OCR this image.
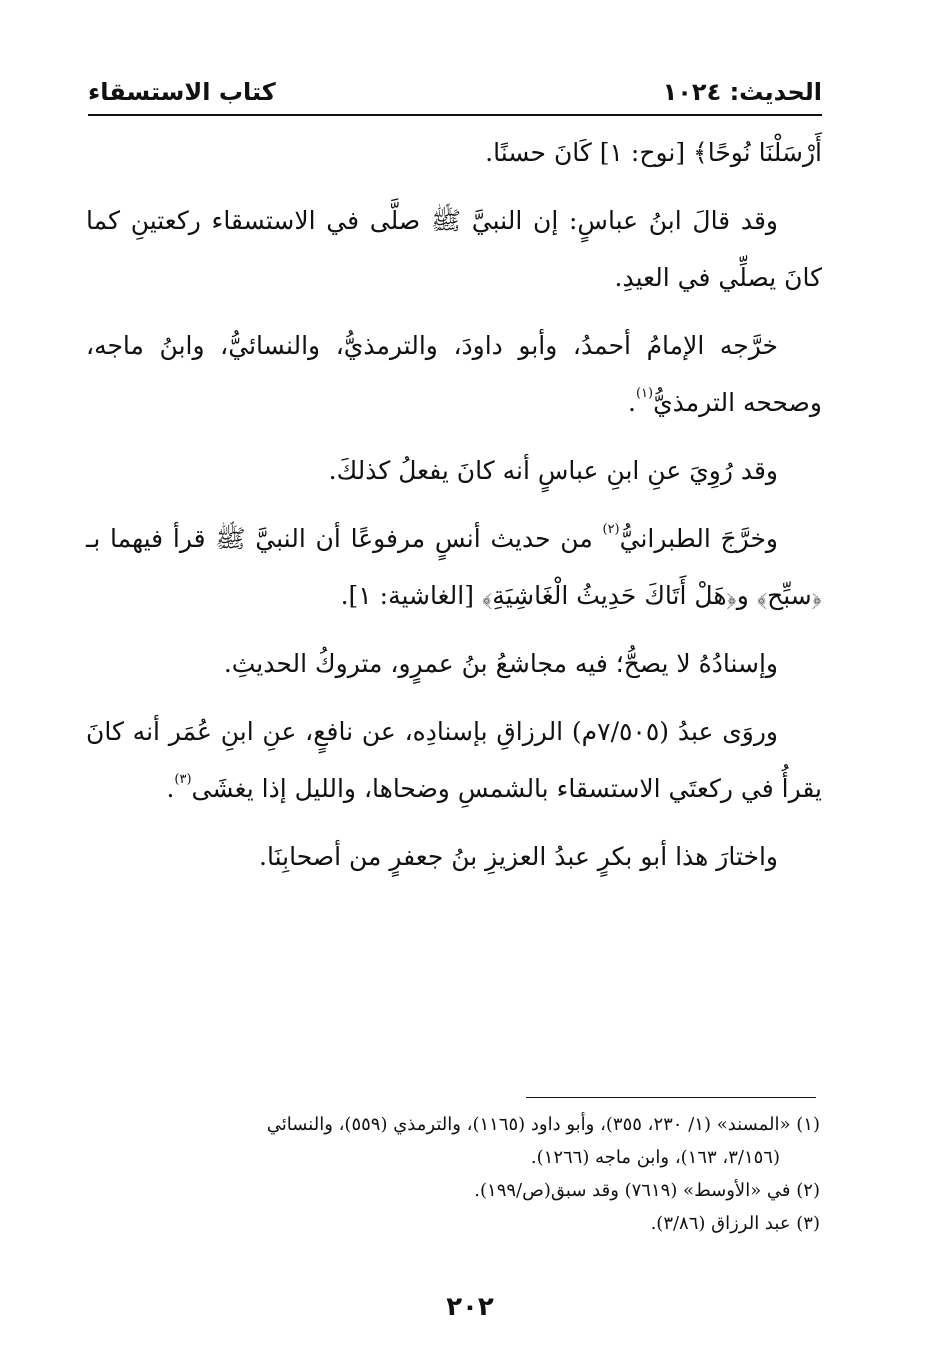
الحديث: ١٠٢٤
كتاب الاستسقاء

أَرْسَلْنَا نُوحًا﴾ [نوح: ١] كَانَ حسنًا.

وقد قالَ ابنُ عباسٍ: إن النبيَّ ﷺ صلَّى في الاستسقاء ركعتينِ كما كانَ يصلِّي في العيدِ.

خرَّجه الإمامُ أحمدُ، وأبو داودَ، والترمذيُّ، والنسائيُّ، وابنُ ماجه، وصححه الترمذيُّ$^{(١)}$.

وقد رُوِيَ عنِ ابنِ عباسٍ أنه كانَ يفعلُ كذلكَ.

وخرَّجَ الطبرانيُّ$^{(٢)}$ من حديث أنسٍ مرفوعًا أن النبيَّ ﷺ قرأ فيهما بـ ﴿سبِّح﴾ و﴿هَلْ أَتَاكَ حَدِيثُ الْغَاشِيَةِ﴾ [الغاشية: ١].

وإسنادُهُ لا يصحُّ؛ فيه مجاشعُ بنُ عمرٍو، متروكُ الحديثِ.

وروَى عبدُ (٧/٥٠٥م) الرزاقِ بإسنادِه، عن نافعٍ، عنِ ابنِ عُمَر أنه كانَ يقرأُ في ركعتَي الاستسقاء بالشمسِ وضحاها، والليل إذا يغشَى$^{(٣)}$.

واختارَ هذا أبو بكرٍ عبدُ العزيزِ بنُ جعفرٍ من أصحابِنَا.

(١) «المسند» (١/ ٢٣٠، ٣٥٥)، وأبو داود (١١٦٥)، والترمذي (٥٥٩)، والنسائي
(٣/١٥٦، ١٦٣)، وابن ماجه (١٢٦٦).

(٢) في «الأوسط» (٧٦١٩) وقد سبق(ص/١٩٩).

(٣) عبد الرزاق (٣/٨٦).

٢٠٢
